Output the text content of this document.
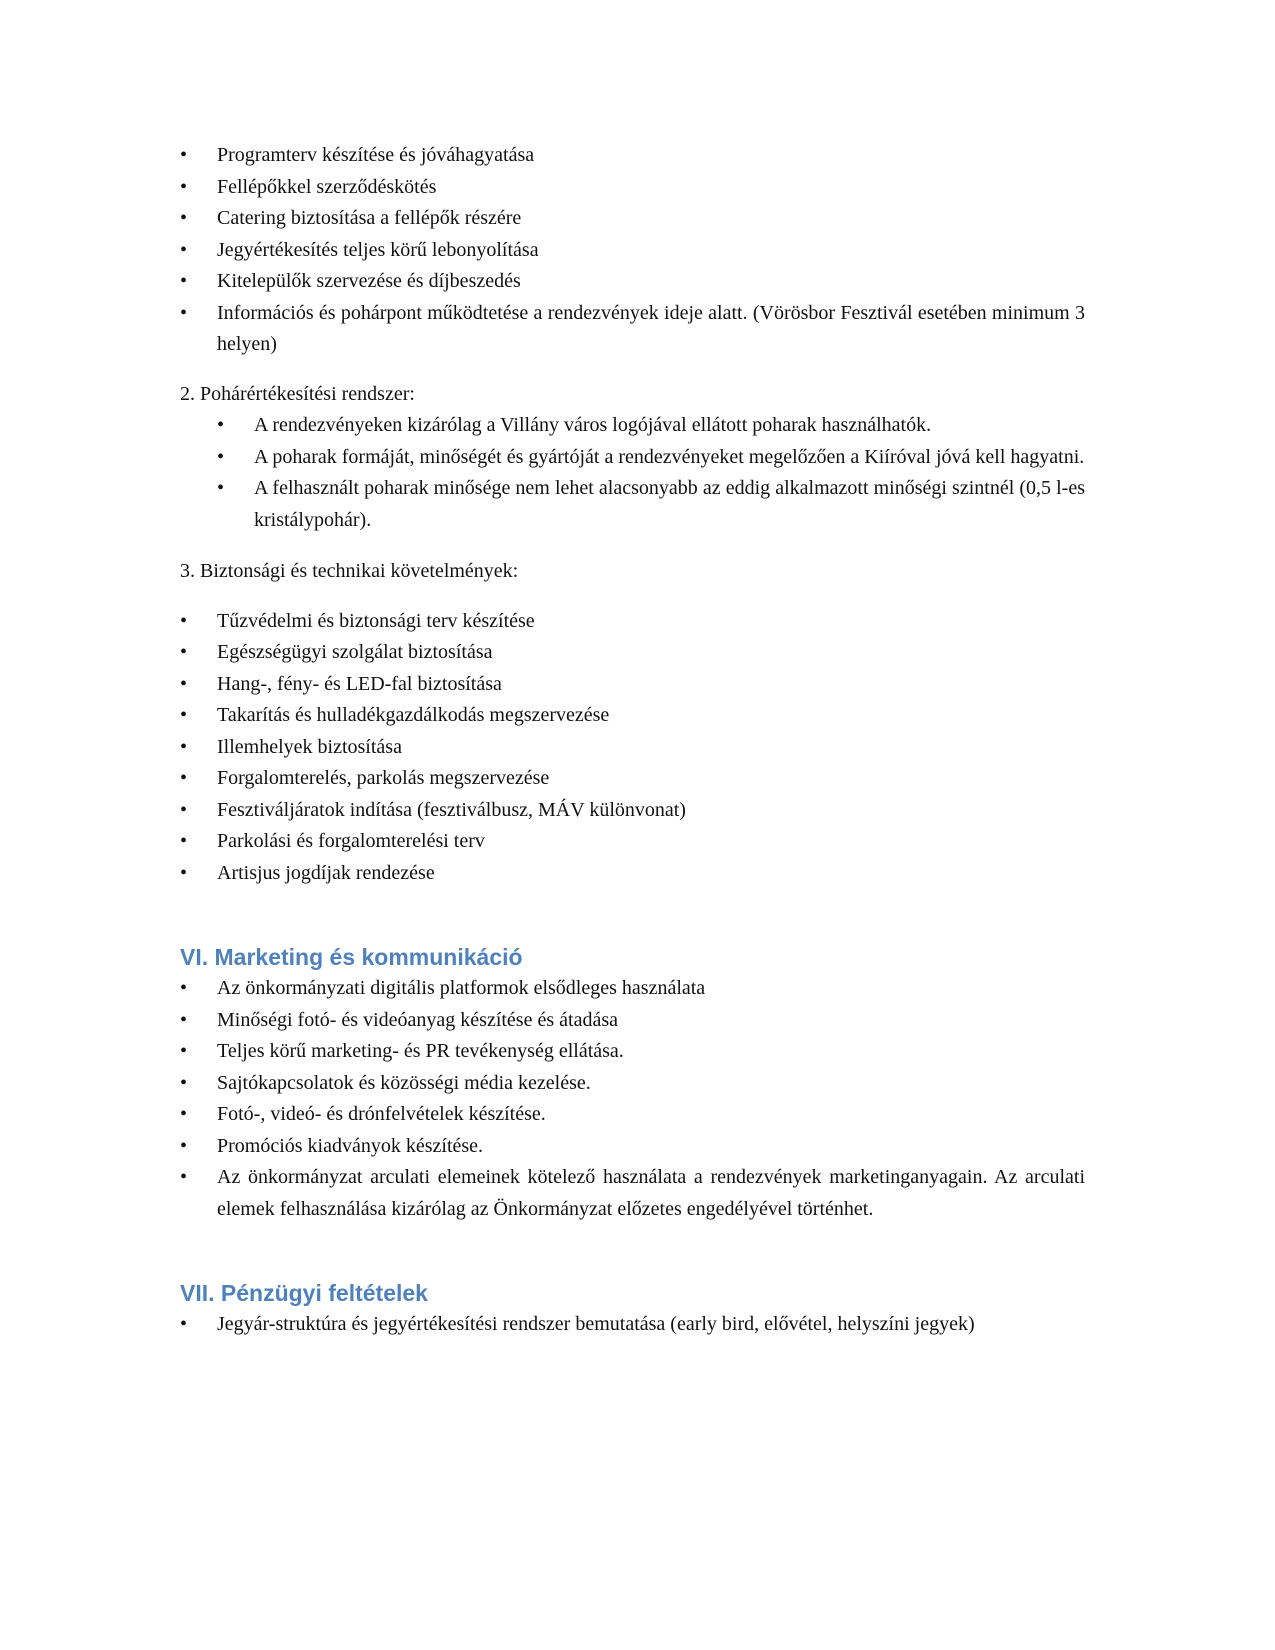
• Programterv készítése és jóváhagyatása
• Fellépőkkel szerződéskötés
• Catering biztosítása a fellépők részére
• Jegyértékesítés teljes körű lebonyolítása
• Kitelepülők szervezése és díjbeszedés
• Információs és pohárpont működtetése a rendezvények ideje alatt. (Vörösbor Fesztivál esetében minimum 3 helyen)

2. Pohárértékesítési rendszer:

• A rendezvényeken kizárólag a Villány város logójával ellátott poharak használhatók.
• A poharak formáját, minőségét és gyártóját a rendezvényeket megelőzően a Kiíróval jóvá kell hagyatni.
• A felhasznált poharak minősége nem lehet alacsonyabb az eddig alkalmazott minőségi szintnél (0,5 l-es kristálypohár).

3. Biztonsági és technikai követelmények:

• Tűzvédelmi és biztonsági terv készítése
• Egészségügyi szolgálat biztosítása
• Hang-, fény- és LED-fal biztosítása
• Takarítás és hulladékgazdálkodás megszervezése
• Illemhelyek biztosítása
• Forgalomterelés, parkolás megszervezése
• Fesztiváljáratok indítása (fesztiválbusz, MÁV különvonat)
• Parkolási és forgalomterelési terv
• Artisjus jogdíjak rendezése
VI. Marketing és kommunikáció
• Az önkormányzati digitális platformok elsődleges használata
• Minőségi fotó- és videóanyag készítése és átadása
• Teljes körű marketing- és PR tevékenység ellátása.
• Sajtókapcsolatok és közösségi média kezelése.
• Fotó-, videó- és drónfelvételek készítése.
• Promóciós kiadványok készítése.
• Az önkormányzat arculati elemeinek kötelező használata a rendezvények marketinganyagain. Az arculati elemek felhasználása kizárólag az Önkormányzat előzetes engedélyével történhet.
VII. Pénzügyi feltételek
• Jegyár-struktúra és jegyértékesítési rendszer bemutatása (early bird, elővétel, helyszíni jegyek)
